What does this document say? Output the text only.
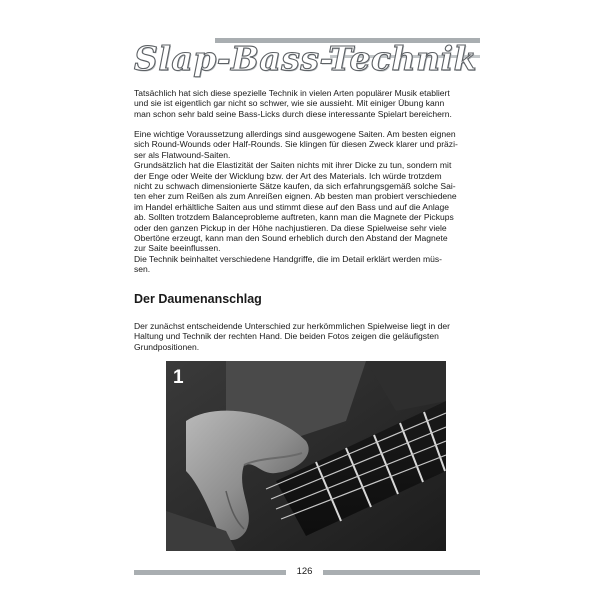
Slap-Bass-Technik

Tatsächlich hat sich diese spezielle Technik in vielen Arten populärer Musik etabliert
und sie ist eigentlich gar nicht so schwer, wie sie aussieht. Mit einiger Übung kann
man schon sehr bald seine Bass-Licks durch diese interessante Spielart bereichern.

Eine wichtige Voraussetzung allerdings sind ausgewogene Saiten. Am besten eignen
sich Round-Wounds oder Half-Rounds. Sie klingen für diesen Zweck klarer und präzi-
ser als Flatwound-Saiten.
Grundsätzlich hat die Elastizität der Saiten nichts mit ihrer Dicke zu tun, sondern mit
der Enge oder Weite der Wicklung bzw. der Art des Materials. Ich würde trotzdem
nicht zu schwach dimensionierte Sätze kaufen, da sich erfahrungsgemäß solche Sai-
ten eher zum Reißen als zum Anreißen eignen. Ab besten man probiert verschiedene
im Handel erhältliche Saiten aus und stimmt diese auf den Bass und auf die Anlage
ab. Sollten trotzdem Balanceprobleme auftreten, kann man die Magnete der Pickups
oder den ganzen Pickup in der Höhe nachjustieren. Da diese Spielweise sehr viele
Obertöne erzeugt, kann man den Sound erheblich durch den Abstand der Magnete
zur Saite beeinflussen.
Die Technik beinhaltet verschiedene Handgriffe, die im Detail erklärt werden müs-
sen.

Der Daumenanschlag

Der zunächst entscheidende Unterschied zur herkömmlichen Spielweise liegt in der
Haltung und Technik der rechten Hand. Die beiden Fotos zeigen die geläufigsten
Grundpositionen.

1
126
